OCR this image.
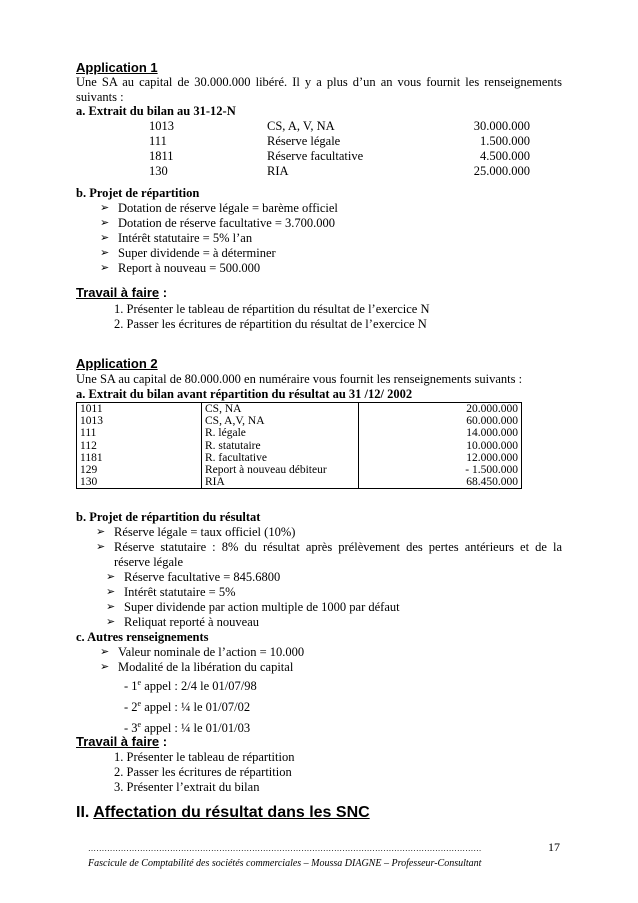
Application 1

Une SA au capital de 30.000.000 libéré. Il y a plus d’un an vous fournit les renseignements suivants :

a. Extrait du bilan au 31-12-N

1013	CS, A, V, NA	30.000.000
111	Réserve légale	1.500.000
1811	Réserve facultative	4.500.000
130	RIA	25.000.000

b. Projet de répartition

➢ Dotation de réserve légale = barème officiel
➢ Dotation de réserve facultative = 3.700.000
➢ Intérêt statutaire = 5% l’an
➢ Super dividende = à déterminer
➢ Report à nouveau = 500.000
Travail à faire :
1. Présenter le tableau de répartition du résultat de l’exercice N
2. Passer les écritures de répartition du résultat de l’exercice N
Application 2

Une SA au capital de 80.000.000 en numéraire vous fournit les renseignements suivants :

a. Extrait du bilan avant répartition du résultat au 31 /12/ 2002

1011	CS, NA	20.000.000
1013	CS, A,V, NA	60.000.000
111	R. légale	14.000.000
112	R. statutaire	10.000.000
1181	R. facultative	12.000.000
129	Report à nouveau débiteur	- 1.500.000
130	RIA	68.450.000

b. Projet de répartition du résultat

➢ Réserve légale = taux officiel (10%)
➢ Réserve statutaire : 8% du résultat après prélèvement des pertes antérieurs et de la réserve légale
➢ Réserve facultative = 845.6800
➢ Intérêt statutaire = 5%
➢ Super dividende par action multiple de 1000 par défaut
➢ Reliquat reporté à nouveau

c. Autres renseignements

➢ Valeur nominale de l’action = 10.000
➢ Modalité de la libération du capital
- 1e appel : 2/4 le 01/07/98
- 2e appel : ¼ le 01/07/02
- 3e appel : ¼ le 01/01/03
Travail à faire :
1. Présenter le tableau de répartition
2. Passer les écritures de répartition
3. Présenter l’extrait du bilan
II. Affectation du résultat dans les SNC
………………………………………………………………………………………………………………………………	17
Fascicule de Comptabilité des sociétés commerciales – Moussa DIAGNE – Professeur-Consultant
